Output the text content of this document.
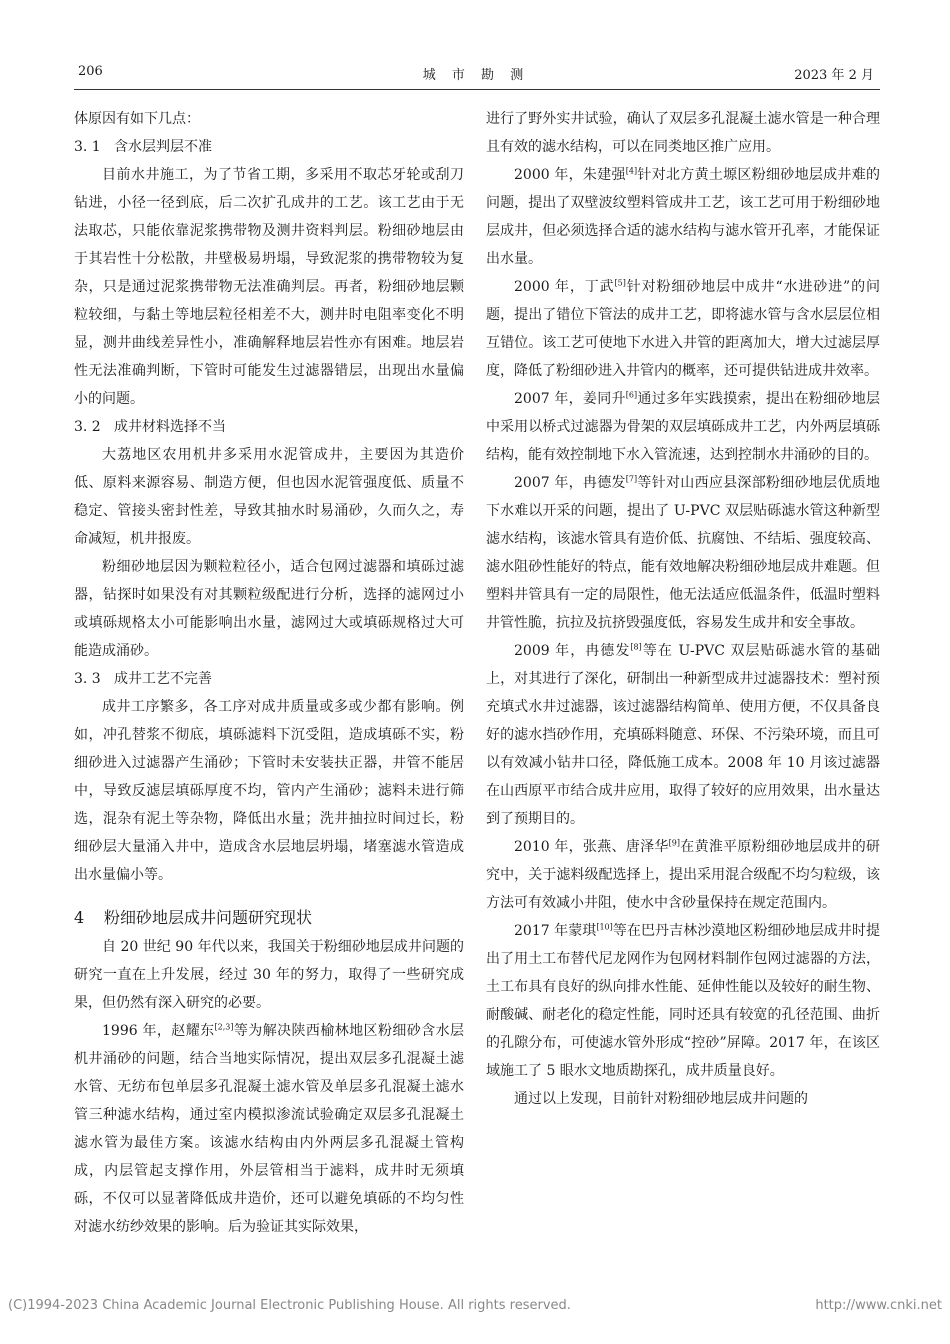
206	城 市 勘 测	2023 年 2 月

体原因有如下几点：

3. 1 含水层判层不准

目前水井施工，为了节省工期，多采用不取芯牙轮或刮刀钻进，小径一径到底，后二次扩孔成井的工艺。该工艺由于无法取芯，只能依靠泥浆携带物及测井资料判层。粉细砂地层由于其岩性十分松散，井壁极易坍塌，导致泥浆的携带物较为复杂，只是通过泥浆携带物无法准确判层。再者，粉细砂地层颗粒较细，与黏土等地层粒径相差不大，测井时电阻率变化不明显，测井曲线差异性小，准确解释地层岩性亦有困难。地层岩性无法准确判断，下管时可能发生过滤器错层，出现出水量偏小的问题。

3. 2 成井材料选择不当

大荔地区农用机井多采用水泥管成井，主要因为其造价低、原料来源容易、制造方便，但也因水泥管强度低、质量不稳定、管接头密封性差，导致其抽水时易涌砂，久而久之，寿命减短，机井报废。

粉细砂地层因为颗粒粒径小，适合包网过滤器和填砾过滤器，钻探时如果没有对其颗粒级配进行分析，选择的滤网过小或填砾规格太小可能影响出水量，滤网过大或填砾规格过大可能造成涌砂。

3. 3 成井工艺不完善

成井工序繁多，各工序对成井质量或多或少都有影响。例如，冲孔替浆不彻底，填砾滤料下沉受阻，造成填砾不实，粉细砂进入过滤器产生涌砂；下管时未安装扶正器，井管不能居中，导致反滤层填砾厚度不均，管内产生涌砂；滤料未进行筛选，混杂有泥土等杂物，降低出水量；洗井抽拉时间过长，粉细砂层大量涌入井中，造成含水层地层坍塌，堵塞滤水管造成出水量偏小等。

4 粉细砂地层成井问题研究现状

自 20 世纪 90 年代以来，我国关于粉细砂地层成井问题的研究一直在上升发展，经过 30 年的努力，取得了一些研究成果，但仍然有深入研究的必要。

1996 年，赵耀东[2,3]等为解决陕西榆林地区粉细砂含水层机井涌砂的问题，结合当地实际情况，提出双层多孔混凝土滤水管、无纺布包单层多孔混凝土滤水管及单层多孔混凝土滤水管三种滤水结构，通过室内模拟渗流试验确定双层多孔混凝土滤水管为最佳方案。该滤水结构由内外两层多孔混凝土管构成，内层管起支撑作用，外层管相当于滤料，成井时无须填砾，不仅可以显著降低成井造价，还可以避免填砾的不均匀性对滤水纺纱效果的影响。后为验证其实际效果，

进行了野外实井试验，确认了双层多孔混凝土滤水管是一种合理且有效的滤水结构，可以在同类地区推广应用。

2000 年，朱建强[4]针对北方黄土塬区粉细砂地层成井难的问题，提出了双壁波纹塑料管成井工艺，该工艺可用于粉细砂地层成井，但必须选择合适的滤水结构与滤水管开孔率，才能保证出水量。

2000 年，丁武[5]针对粉细砂地层中成井“水进砂进”的问题，提出了错位下管法的成井工艺，即将滤水管与含水层层位相互错位。该工艺可使地下水进入井管的距离加大，增大过滤层厚度，降低了粉细砂进入井管内的概率，还可提供钻进成井效率。

2007 年，姜同升[6]通过多年实践摸索，提出在粉细砂地层中采用以桥式过滤器为骨架的双层填砾成井工艺，内外两层填砾结构，能有效控制地下水入管流速，达到控制水井涌砂的目的。

2007 年，冉德发[7]等针对山西应县深部粉细砂地层优质地下水难以开采的问题，提出了 U-PVC 双层贴砾滤水管这种新型滤水结构，该滤水管具有造价低、抗腐蚀、不结垢、强度较高、滤水阻砂性能好的特点，能有效地解决粉细砂地层成井难题。但塑料井管具有一定的局限性，他无法适应低温条件，低温时塑料井管性脆，抗拉及抗挤毁强度低，容易发生成井和安全事故。

2009 年，冉德发[8]等在 U-PVC 双层贴砾滤水管的基础上，对其进行了深化，研制出一种新型成井过滤器技术：塑衬预充填式水井过滤器，该过滤器结构简单、使用方便，不仅具备良好的滤水挡砂作用，充填砾料随意、环保、不污染环境，而且可以有效减小钻井口径，降低施工成本。2008 年 10 月该过滤器在山西原平市结合成井应用，取得了较好的应用效果，出水量达到了预期目的。

2010 年，张燕、唐泽华[9]在黄淮平原粉细砂地层成井的研究中，关于滤料级配选择上，提出采用混合级配不均匀粒级，该方法可有效减小井阻，使水中含砂量保持在规定范围内。

2017 年蒙琪[10]等在巴丹吉林沙漠地区粉细砂地层成井时提出了用土工布替代尼龙网作为包网材料制作包网过滤器的方法，土工布具有良好的纵向排水性能、延伸性能以及较好的耐生物、耐酸碱、耐老化的稳定性能，同时还具有较宽的孔径范围、曲折的孔隙分布，可使滤水管外形成“控砂”屏障。2017 年，在该区域施工了 5 眼水文地质勘探孔，成井质量良好。

通过以上发现，目前针对粉细砂地层成井问题的

(C)1994-2023 China Academic Journal Electronic Publishing House. All rights reserved.	http://www.cnki.net
